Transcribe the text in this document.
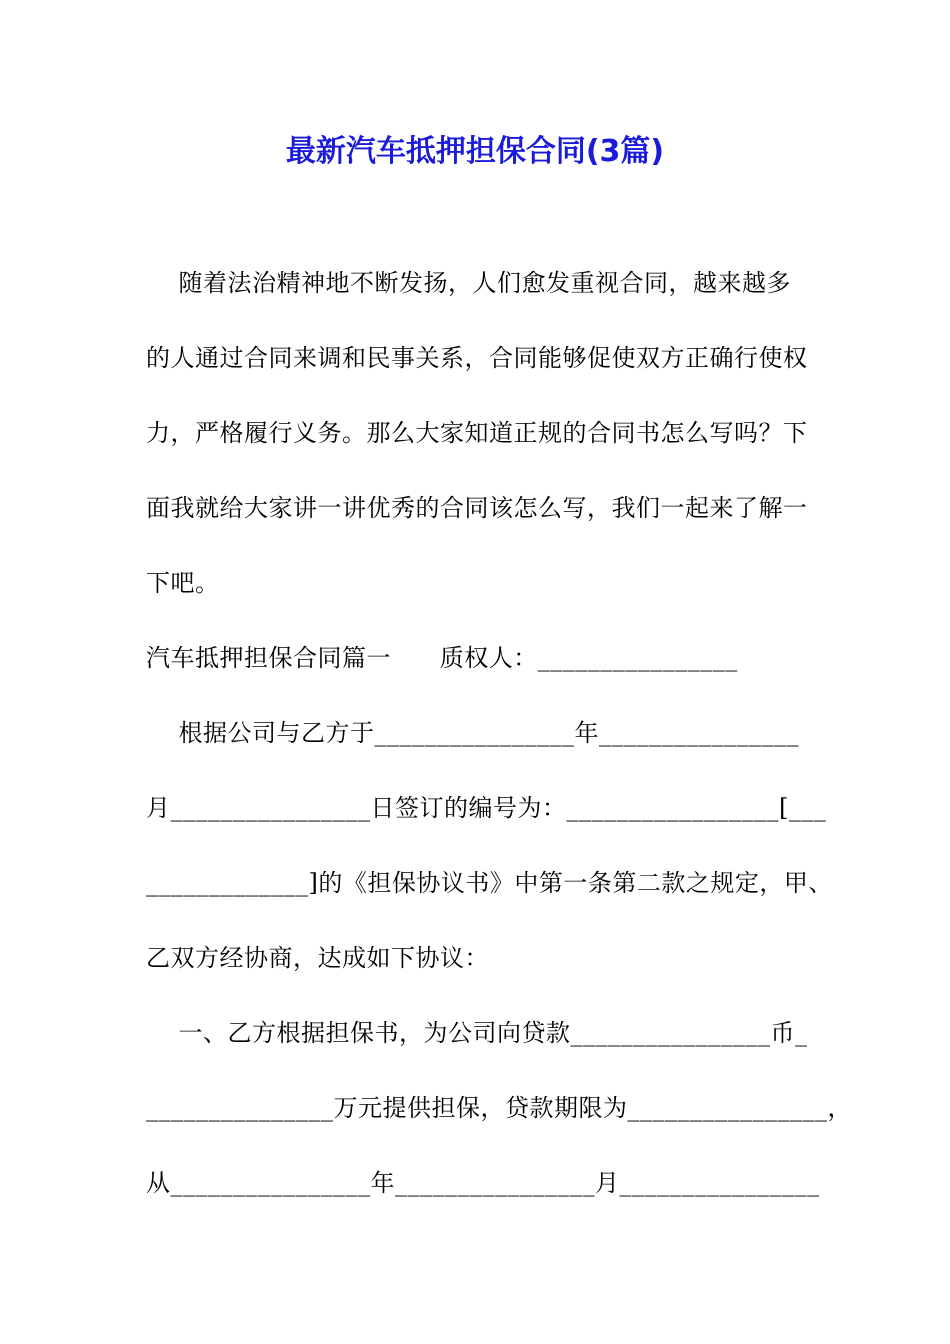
最新汽车抵押担保合同(3篇)
随着法治精神地不断发扬，人们愈发重视合同，越来越多
的人通过合同来调和民事关系，合同能够促使双方正确行使权
力，严格履行义务。那么大家知道正规的合同书怎么写吗？下
面我就给大家讲一讲优秀的合同该怎么写，我们一起来了解一
下吧。
汽车抵押担保合同篇一      质权人：________________
根据公司与乙方于________________年________________
月________________日签订的编号为：_________________[___
_____________]的《担保协议书》中第一条第二款之规定，甲、
乙双方经协商，达成如下协议：
一、乙方根据担保书，为公司向贷款________________币_
_______________万元提供担保，贷款期限为________________，
从________________年________________月________________
